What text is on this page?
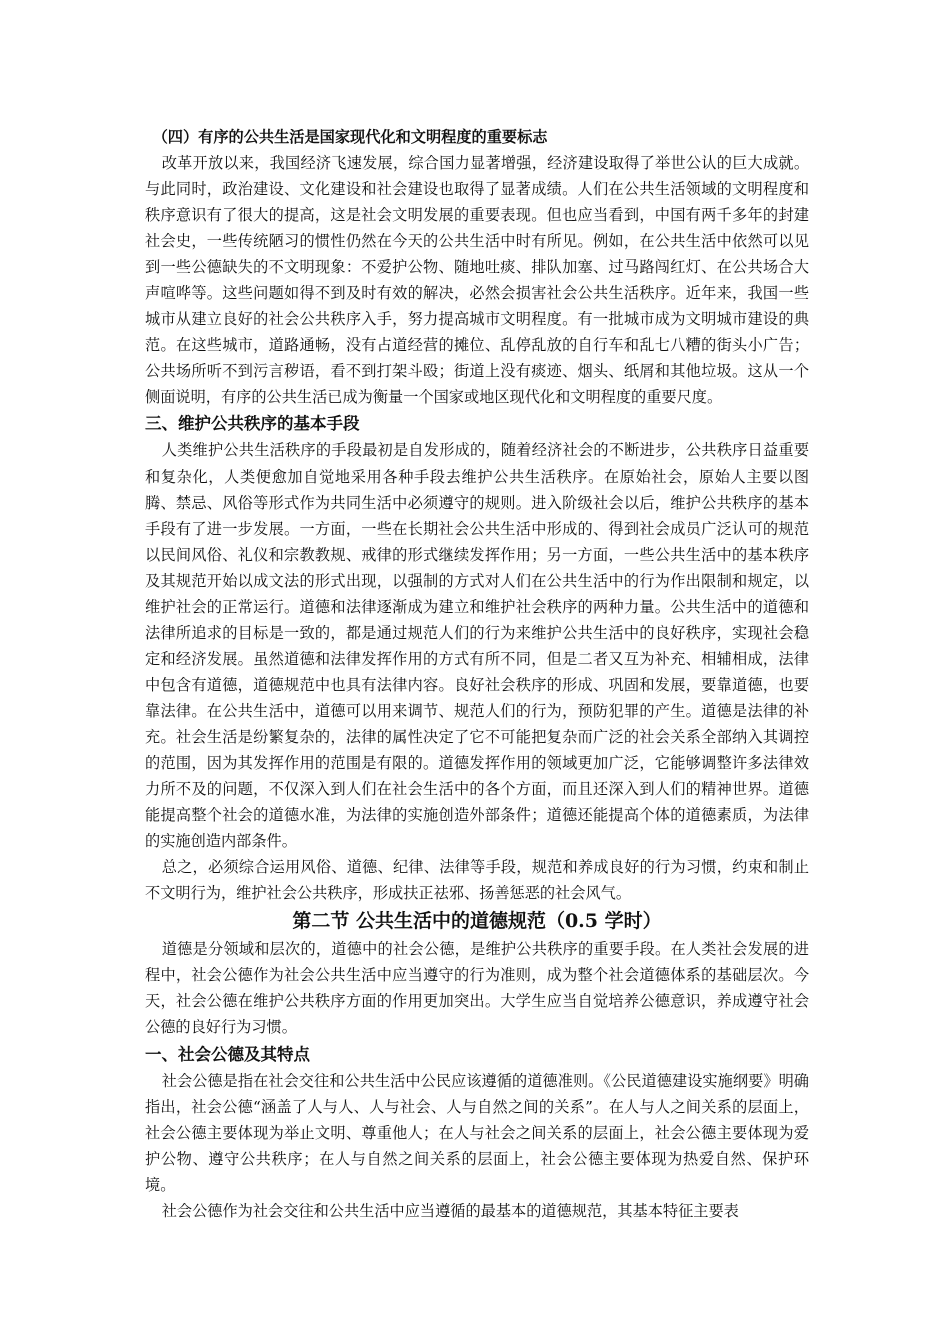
（四）有序的公共生活是国家现代化和文明程度的重要标志

改革开放以来，我国经济飞速发展，综合国力显著增强，经济建设取得了举世公认的巨大成就。与此同时，政治建设、文化建设和社会建设也取得了显著成绩。人们在公共生活领域的文明程度和秩序意识有了很大的提高，这是社会文明发展的重要表现。但也应当看到，中国有两千多年的封建社会史，一些传统陋习的惯性仍然在今天的公共生活中时有所见。例如，在公共生活中依然可以见到一些公德缺失的不文明现象：不爱护公物、随地吐痰、排队加塞、过马路闯红灯、在公共场合大声喧哗等。这些问题如得不到及时有效的解决，必然会损害社会公共生活秩序。近年来，我国一些城市从建立良好的社会公共秩序入手，努力提高城市文明程度。有一批城市成为文明城市建设的典范。在这些城市，道路通畅，没有占道经营的摊位、乱停乱放的自行车和乱七八糟的街头小广告；公共场所听不到污言秽语，看不到打架斗殴；街道上没有痰迹、烟头、纸屑和其他垃圾。这从一个侧面说明，有序的公共生活已成为衡量一个国家或地区现代化和文明程度的重要尺度。

三、维护公共秩序的基本手段

人类维护公共生活秩序的手段最初是自发形成的，随着经济社会的不断进步，公共秩序日益重要和复杂化，人类便愈加自觉地采用各种手段去维护公共生活秩序。在原始社会，原始人主要以图腾、禁忌、风俗等形式作为共同生活中必须遵守的规则。进入阶级社会以后，维护公共秩序的基本手段有了进一步发展。一方面，一些在长期社会公共生活中形成的、得到社会成员广泛认可的规范以民间风俗、礼仪和宗教教规、戒律的形式继续发挥作用；另一方面，一些公共生活中的基本秩序及其规范开始以成文法的形式出现，以强制的方式对人们在公共生活中的行为作出限制和规定，以维护社会的正常运行。道德和法律逐渐成为建立和维护社会秩序的两种力量。公共生活中的道德和法律所追求的目标是一致的，都是通过规范人们的行为来维护公共生活中的良好秩序，实现社会稳定和经济发展。虽然道德和法律发挥作用的方式有所不同，但是二者又互为补充、相辅相成，法律中包含有道德，道德规范中也具有法律内容。良好社会秩序的形成、巩固和发展，要靠道德，也要靠法律。在公共生活中，道德可以用来调节、规范人们的行为，预防犯罪的产生。道德是法律的补充。社会生活是纷繁复杂的，法律的属性决定了它不可能把复杂而广泛的社会关系全部纳入其调控的范围，因为其发挥作用的范围是有限的。道德发挥作用的领域更加广泛，它能够调整许多法律效力所不及的问题，不仅深入到人们在社会生活中的各个方面，而且还深入到人们的精神世界。道德能提高整个社会的道德水准，为法律的实施创造外部条件；道德还能提高个体的道德素质，为法律的实施创造内部条件。

总之，必须综合运用风俗、道德、纪律、法律等手段，规范和养成良好的行为习惯，约束和制止不文明行为，维护社会公共秩序，形成扶正祛邪、扬善惩恶的社会风气。

第二节 公共生活中的道德规范（0.5 学时）

道德是分领域和层次的，道德中的社会公德，是维护公共秩序的重要手段。在人类社会发展的进程中，社会公德作为社会公共生活中应当遵守的行为准则，成为整个社会道德体系的基础层次。今天，社会公德在维护公共秩序方面的作用更加突出。大学生应当自觉培养公德意识，养成遵守社会公德的良好行为习惯。

一、社会公德及其特点

社会公德是指在社会交往和公共生活中公民应该遵循的道德准则。《公民道德建设实施纲要》明确指出，社会公德“涵盖了人与人、人与社会、人与自然之间的关系”。在人与人之间关系的层面上，社会公德主要体现为举止文明、尊重他人；在人与社会之间关系的层面上，社会公德主要体现为爱护公物、遵守公共秩序；在人与自然之间关系的层面上，社会公德主要体现为热爱自然、保护环境。

社会公德作为社会交往和公共生活中应当遵循的最基本的道德规范，其基本特征主要表
